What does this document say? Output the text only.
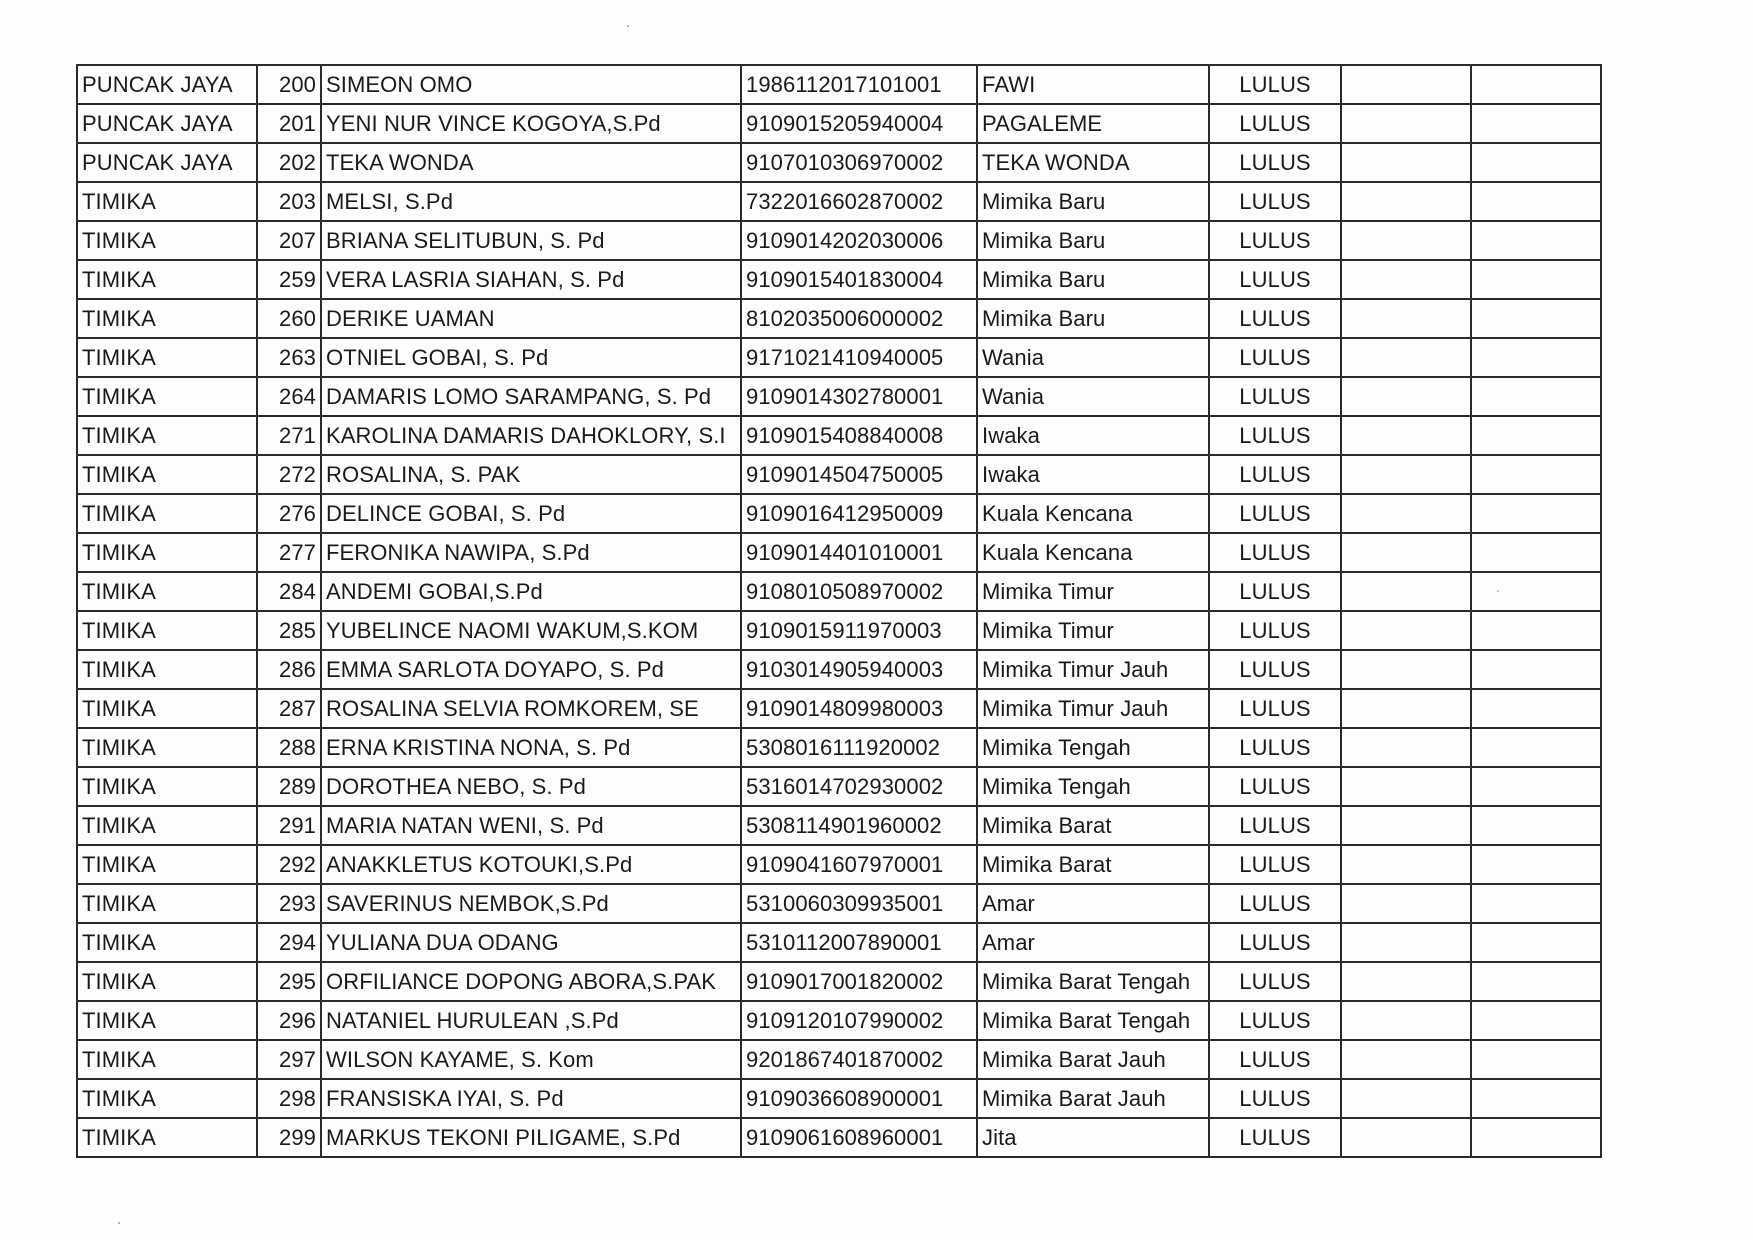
PUNCAK JAYA	200	SIMEON OMO	1986112017101001	FAWI	LULUS		
PUNCAK JAYA	201	YENI NUR VINCE KOGOYA,S.Pd	9109015205940004	PAGALEME	LULUS		
PUNCAK JAYA	202	TEKA WONDA	9107010306970002	TEKA WONDA	LULUS		
TIMIKA	203	MELSI, S.Pd	7322016602870002	Mimika Baru	LULUS		
TIMIKA	207	BRIANA SELITUBUN, S. Pd	9109014202030006	Mimika Baru	LULUS		
TIMIKA	259	VERA LASRIA SIAHAN, S. Pd	9109015401830004	Mimika Baru	LULUS		
TIMIKA	260	DERIKE UAMAN	8102035006000002	Mimika Baru	LULUS		
TIMIKA	263	OTNIEL GOBAI, S. Pd	9171021410940005	Wania	LULUS		
TIMIKA	264	DAMARIS LOMO SARAMPANG, S. Pd	9109014302780001	Wania	LULUS		
TIMIKA	271	KAROLINA DAMARIS DAHOKLORY, S.I	9109015408840008	Iwaka	LULUS		
TIMIKA	272	ROSALINA, S. PAK	9109014504750005	Iwaka	LULUS		
TIMIKA	276	DELINCE GOBAI, S. Pd	9109016412950009	Kuala Kencana	LULUS		
TIMIKA	277	FERONIKA NAWIPA, S.Pd	9109014401010001	Kuala Kencana	LULUS		
TIMIKA	284	ANDEMI GOBAI,S.Pd	9108010508970002	Mimika Timur	LULUS		
TIMIKA	285	YUBELINCE NAOMI WAKUM,S.KOM	9109015911970003	Mimika Timur	LULUS		
TIMIKA	286	EMMA SARLOTA DOYAPO, S. Pd	9103014905940003	Mimika Timur Jauh	LULUS		
TIMIKA	287	ROSALINA SELVIA ROMKOREM, SE	9109014809980003	Mimika Timur Jauh	LULUS		
TIMIKA	288	ERNA KRISTINA NONA, S. Pd	5308016111920002	Mimika Tengah	LULUS		
TIMIKA	289	DOROTHEA NEBO, S. Pd	5316014702930002	Mimika Tengah	LULUS		
TIMIKA	291	MARIA NATAN WENI, S. Pd	5308114901960002	Mimika Barat	LULUS		
TIMIKA	292	ANAKKLETUS KOTOUKI,S.Pd	9109041607970001	Mimika Barat	LULUS		
TIMIKA	293	SAVERINUS NEMBOK,S.Pd	5310060309935001	Amar	LULUS		
TIMIKA	294	YULIANA DUA ODANG	5310112007890001	Amar	LULUS		
TIMIKA	295	ORFILIANCE DOPONG ABORA,S.PAK	9109017001820002	Mimika Barat Tengah	LULUS		
TIMIKA	296	NATANIEL HURULEAN ,S.Pd	9109120107990002	Mimika Barat Tengah	LULUS		
TIMIKA	297	WILSON KAYAME, S. Kom	9201867401870002	Mimika Barat Jauh	LULUS		
TIMIKA	298	FRANSISKA IYAI, S. Pd	9109036608900001	Mimika Barat Jauh	LULUS		
TIMIKA	299	MARKUS TEKONI PILIGAME, S.Pd	9109061608960001	Jita	LULUS		
